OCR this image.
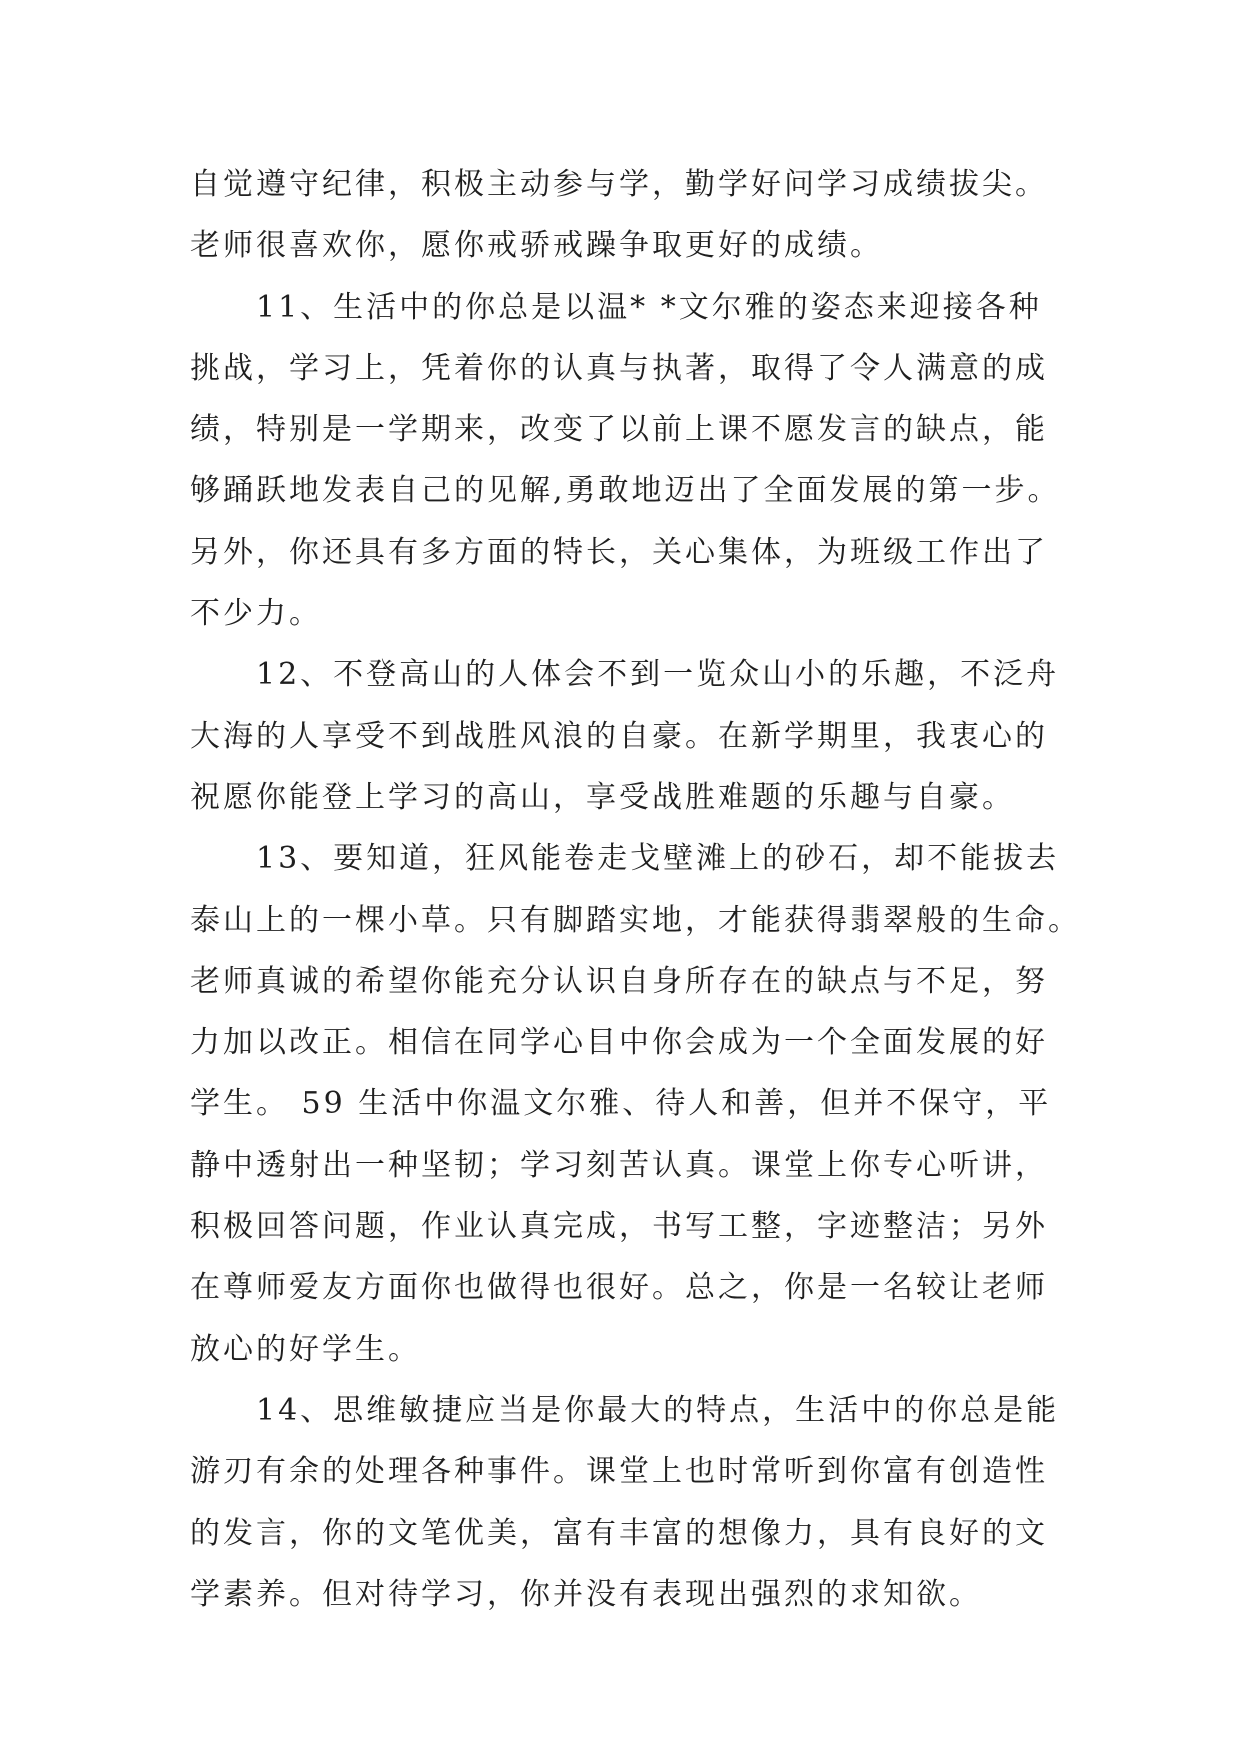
自觉遵守纪律，积极主动参与学，勤学好问学习成绩拔尖。
老师很喜欢你，愿你戒骄戒躁争取更好的成绩。
11、生活中的你总是以温* *文尔雅的姿态来迎接各种
挑战，学习上，凭着你的认真与执著，取得了令人满意的成
绩，特别是一学期来，改变了以前上课不愿发言的缺点，能
够踊跃地发表自己的见解,勇敢地迈出了全面发展的第一步。
另外，你还具有多方面的特长，关心集体，为班级工作出了
不少力。
12、不登高山的人体会不到一览众山小的乐趣，不泛舟
大海的人享受不到战胜风浪的自豪。在新学期里，我衷心的
祝愿你能登上学习的高山，享受战胜难题的乐趣与自豪。
13、要知道，狂风能卷走戈壁滩上的砂石，却不能拔去
泰山上的一棵小草。只有脚踏实地，才能获得翡翠般的生命。
老师真诚的希望你能充分认识自身所存在的缺点与不足，努
力加以改正。相信在同学心目中你会成为一个全面发展的好
学生。 59 生活中你温文尔雅、待人和善，但并不保守，平
静中透射出一种坚韧；学习刻苦认真。课堂上你专心听讲，
积极回答问题，作业认真完成，书写工整，字迹整洁；另外
在尊师爱友方面你也做得也很好。总之，你是一名较让老师
放心的好学生。
14、思维敏捷应当是你最大的特点，生活中的你总是能
游刃有余的处理各种事件。课堂上也时常听到你富有创造性
的发言，你的文笔优美，富有丰富的想像力，具有良好的文
学素养。但对待学习，你并没有表现出强烈的求知欲。
